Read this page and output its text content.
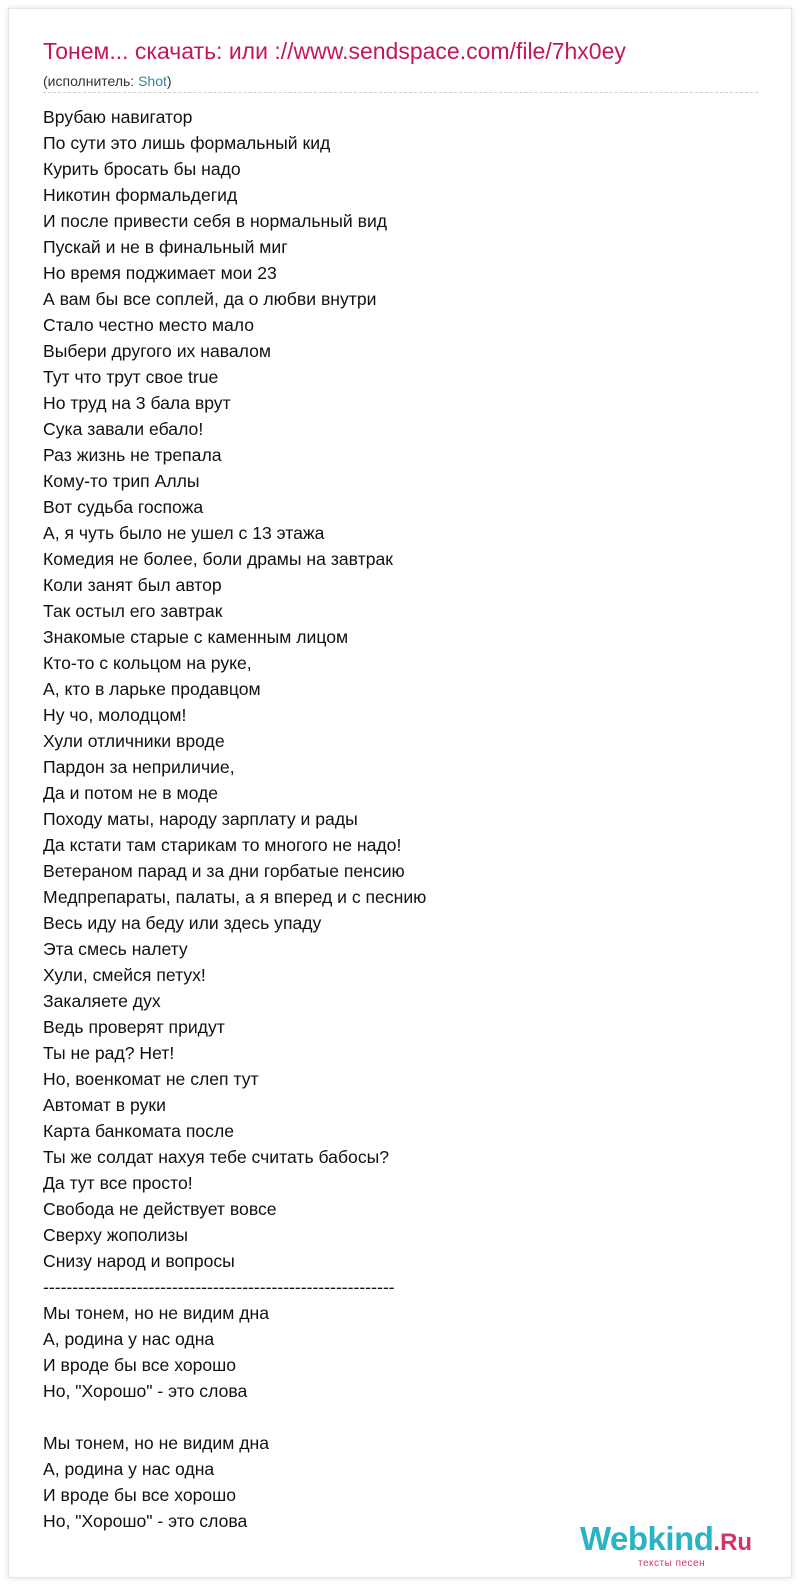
Тонем... скачать: или ://www.sendspace.com/file/7hx0ey
(исполнитель: Shot)
Врубаю навигатор
По сути это лишь формальный кид
Курить бросать бы надо
Никотин формальдегид
И после привести себя в нормальный вид
Пускай и не в финальный миг
Но время поджимает мои 23
А вам бы все соплей, да о любви внутри
Стало честно место мало
Выбери другого их навалом
Тут что трут свое true
Но труд на 3 бала врут
Сука завали ебало!
Раз жизнь не трепала
Кому-то трип Аллы
Вот судьба госпожа
А, я чуть было не ушел с 13 этажа
Комедия не более, боли драмы на завтрак
Коли занят был автор
Так остыл его завтрак
Знакомые старые с каменным лицом
Кто-то с кольцом на руке,
А, кто в ларьке продавцом
Ну чо, молодцом!
Хули отличники вроде
Пардон за неприличие,
Да и потом не в моде
Походу маты, народу зарплату и рады
Да кстати там старикам то многого не надо!
Ветераном парад и за дни горбатые пенсию
Медпрепараты, палаты, а я вперед и с песнию
Весь иду на беду или здесь упаду
Эта смесь налету
Хули, смейся петух!
Закаляете дух
Ведь проверят придут
Ты не рад? Нет!
Но, военкомат не слеп тут
Автомат в руки
Карта банкомата после
Ты же солдат нахуя тебе считать бабосы?
Да тут все просто!
Свобода не действует вовсе
Сверху жополизы
Снизу народ и вопросы
------------------------------------------------------------
Мы тонем, но не видим дна
А, родина у нас одна
И вроде бы все хорошо
Но, "Хорошо" - это слова
Мы тонем, но не видим дна
А, родина у нас одна
И вроде бы все хорошо
Но, "Хорошо" - это слова	Webkind.Ru
тексты песен
